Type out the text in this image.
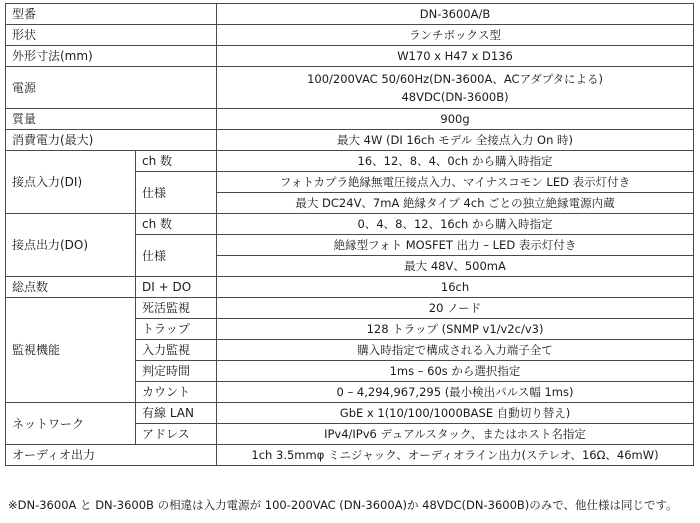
型番		DN-3600A/B
形状		ランチボックス型
外形寸法(mm)		W170 x H47 x D136
電源		100/200VAC 50/60Hz(DN-3600A、ACアダプタによる)
48VDC(DN-3600B)

質量		900g
消費電力(最大)		最大 4W (DI 16ch モデル 全接点入力 On 時)
接点入力(DI)	ch 数	16、12、8、4、0ch から購入時指定
	仕様	フォトカプラ絶縁無電圧接点入力、マイナスコモン LED 表示灯付き
		最大 DC24V、7mA 絶縁タイプ 4ch ごとの独立絶縁電源内蔵
接点出力(DO)	ch 数	0、4、8、12、16ch から購入時指定
	仕様	絶縁型フォト MOSFET 出力 – LED 表示灯付き
		最大 48V、500mA
総点数	DI + DO	16ch
監視機能	死活監視	20 ノード
	トラップ	128 トラップ (SNMP v1/v2c/v3)
	入力監視	購入時指定で構成される入力端子全て
	判定時間	1ms – 60s から選択指定
	カウント	0 – 4,294,967,295 (最小検出パルス幅 1ms)
ネットワーク	有線 LAN	GbE x 1(10/100/1000BASE 自動切り替え)
	アドレス	IPv4/IPv6 デュアルスタック、またはホスト名指定
オーディオ出力		1ch 3.5mmφ ミニジャック、オーディオライン出力(ステレオ、16Ω、46mW)
※DN-3600A と DN-3600B の相違は入力電源が 100-200VAC (DN-3600A)か 48VDC(DN-3600B)のみで、他仕様は同じです。
